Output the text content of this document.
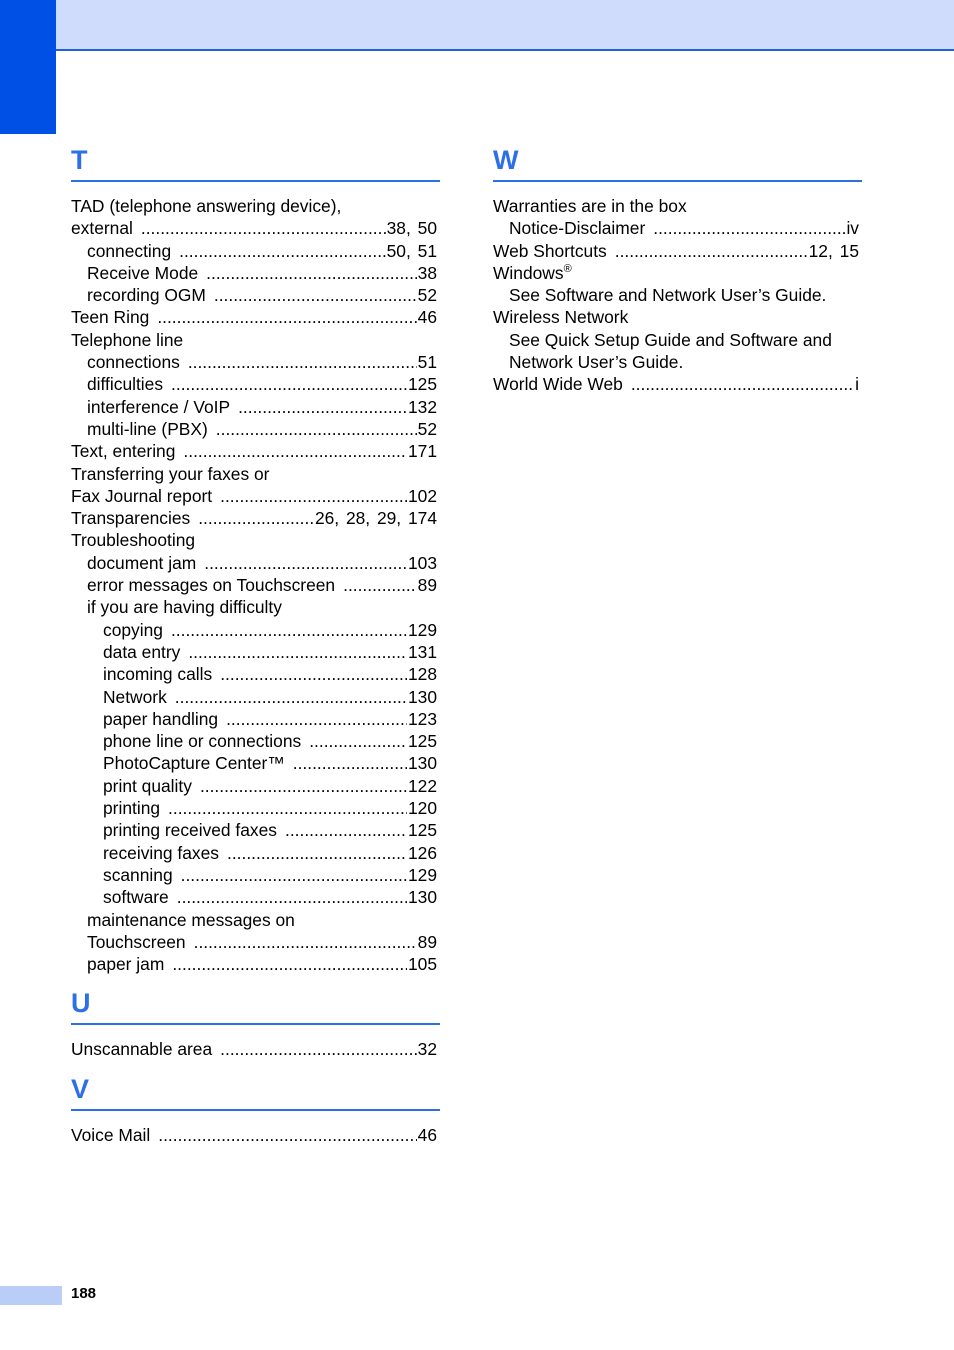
T
TAD (telephone answering device),
external .....	38, 50
connecting .....	50, 51
Receive Mode .....	38
recording OGM .....	52
Teen Ring .....	46
Telephone line
connections .....	51
difficulties .....	125
interference / VoIP .....	132
multi-line (PBX) .....	52
Text, entering .....	171
Transferring your faxes or
Fax Journal report .....	102
Transparencies .....	26, 28, 29, 174
Troubleshooting
document jam .....	103
error messages on Touchscreen .....	89
if you are having difficulty
copying .....	129
data entry .....	131
incoming calls .....	128
Network .....	130
paper handling .....	123
phone line or connections .....	125
PhotoCapture Center™ .....	130
print quality .....	122
printing .....	120
printing received faxes .....	125
receiving faxes .....	126
scanning .....	129
software .....	130
maintenance messages on
Touchscreen .....	89
paper jam .....	105
U
Unscannable area .....	32
V
Voice Mail .....	46
W
Warranties are in the box
Notice-Disclaimer .....	iv
Web Shortcuts .....	12, 15
Windows®
See Software and Network User’s Guide.
Wireless Network
See Quick Setup Guide and Software and
Network User’s Guide.
World Wide Web .....	i
188
